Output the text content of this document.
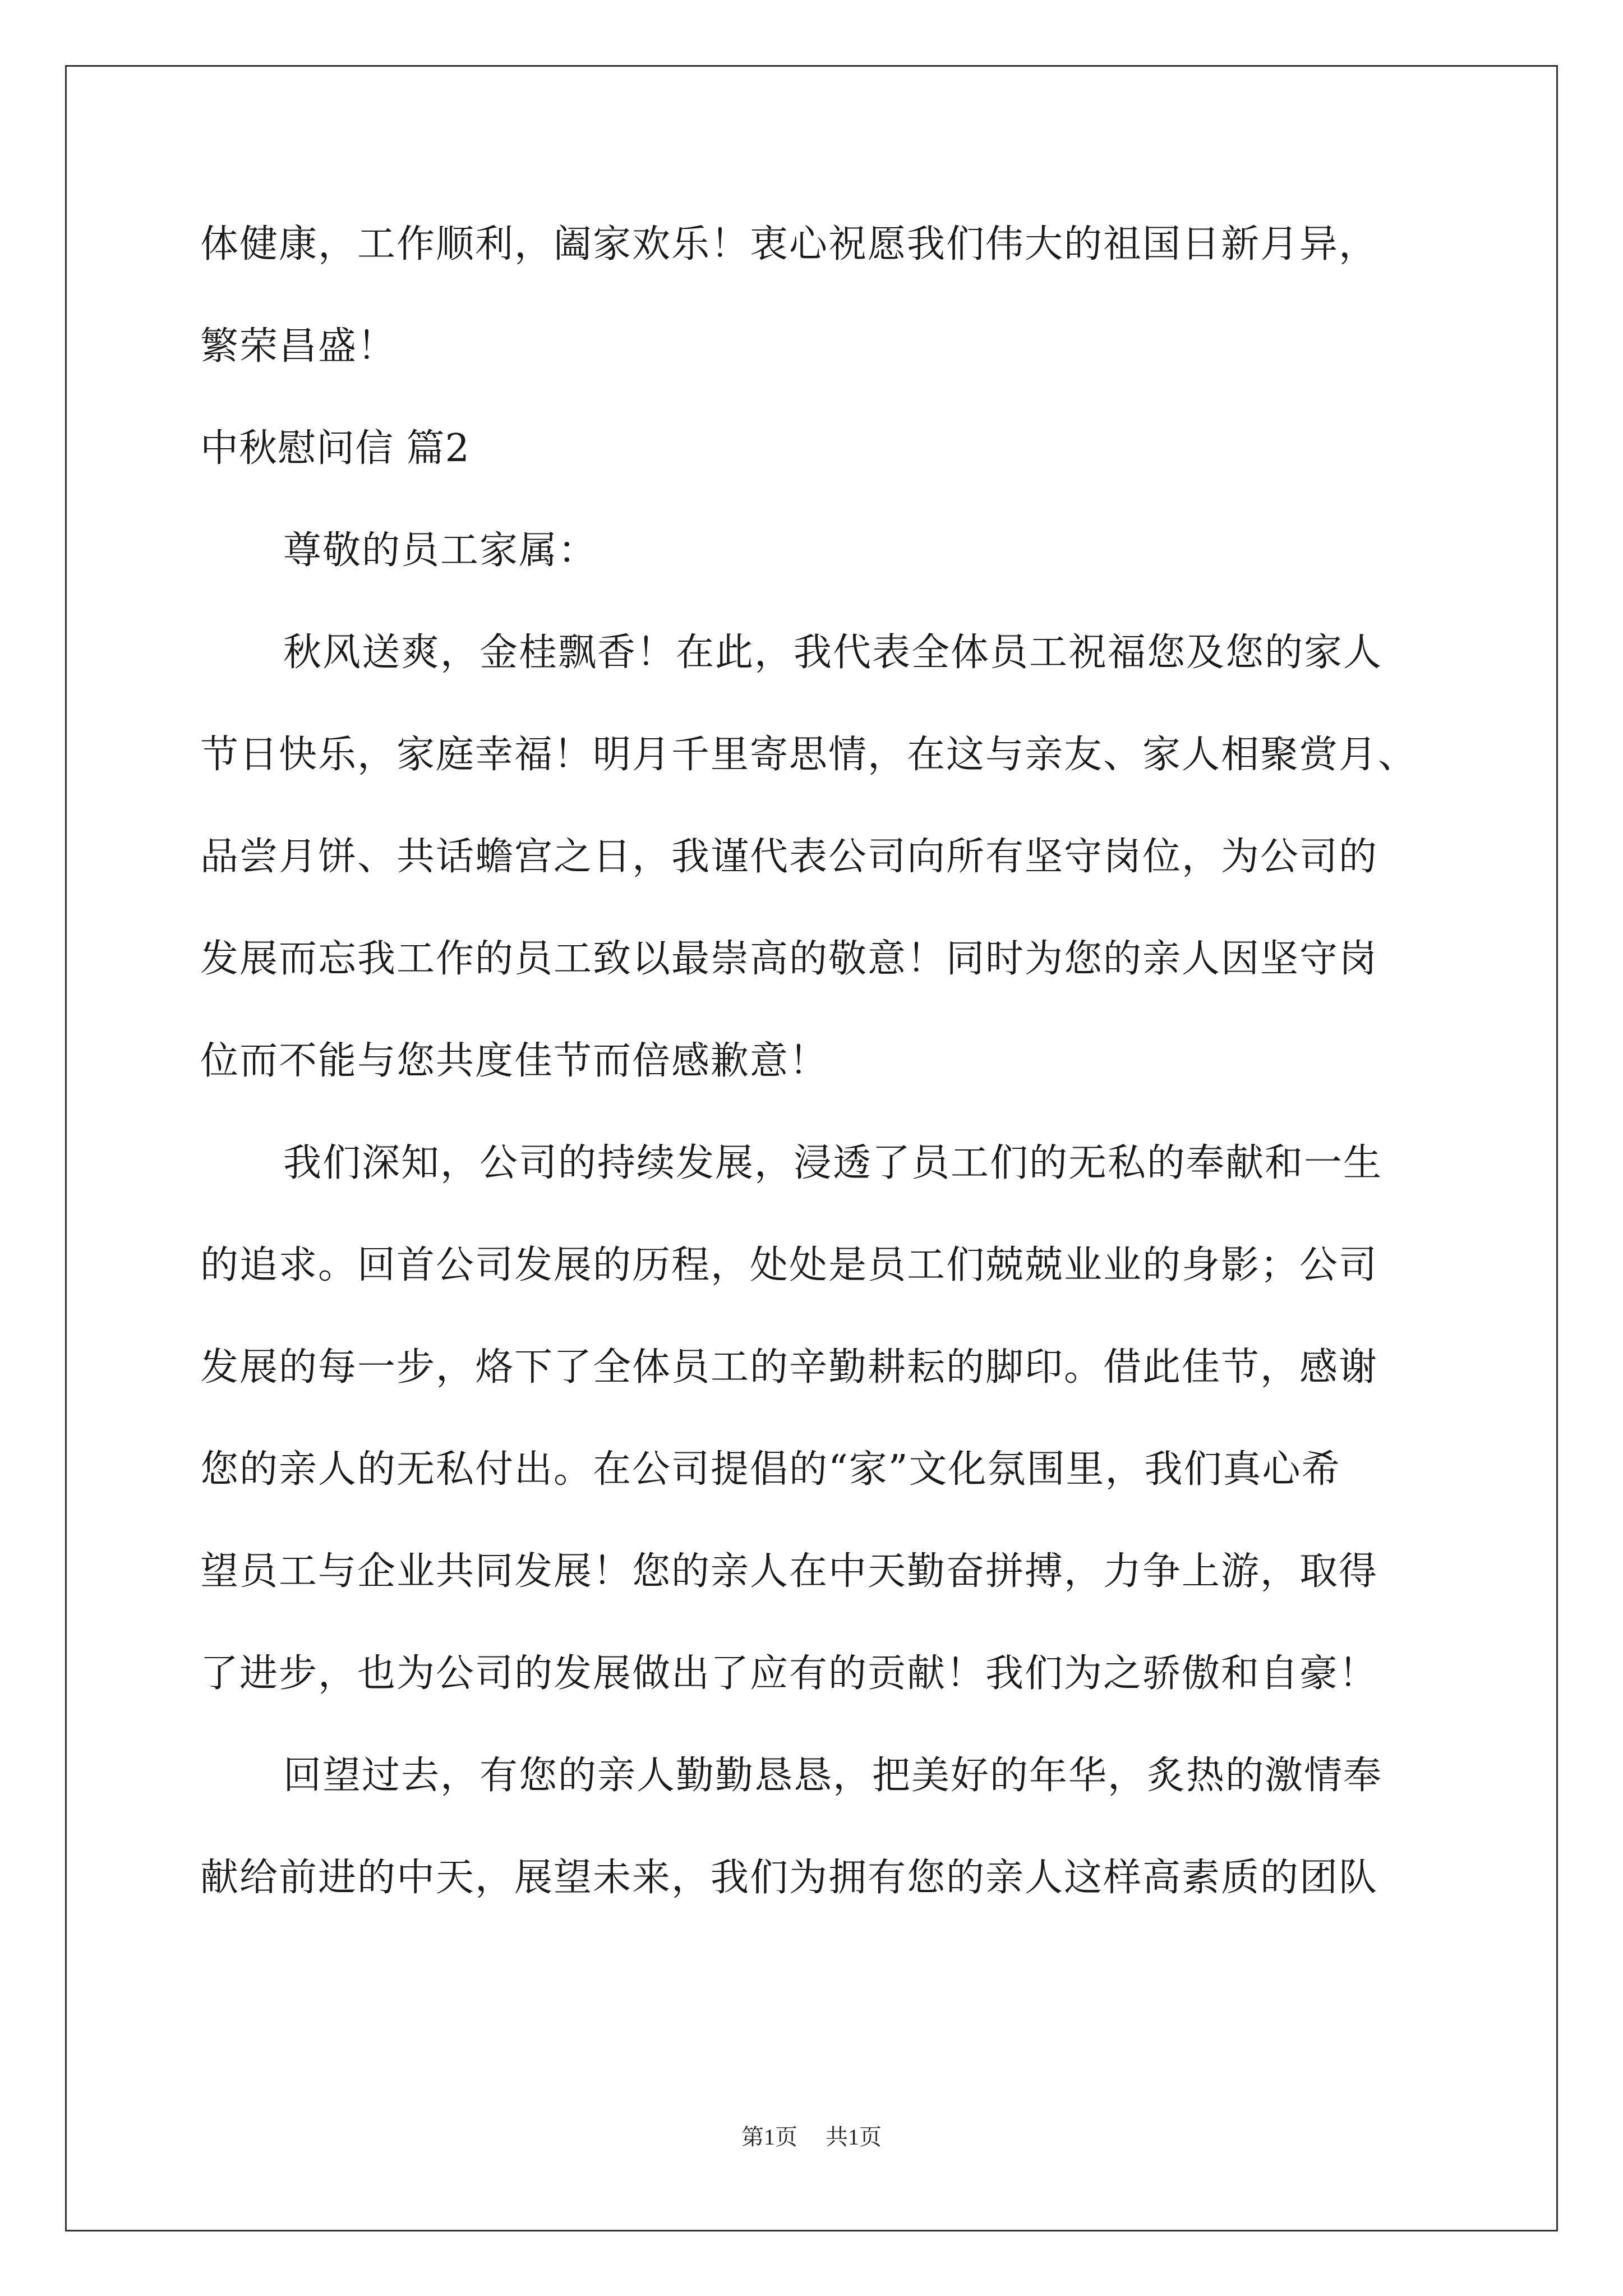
体健康，工作顺利，阖家欢乐！衷心祝愿我们伟大的祖国日新月异，
繁荣昌盛！
中秋慰问信 篇2
尊敬的员工家属：
秋风送爽，金桂飘香！在此，我代表全体员工祝福您及您的家人
节日快乐，家庭幸福！明月千里寄思情，在这与亲友、家人相聚赏月、
品尝月饼、共话蟾宫之日，我谨代表公司向所有坚守岗位，为公司的
发展而忘我工作的员工致以最崇高的敬意！同时为您的亲人因坚守岗
位而不能与您共度佳节而倍感歉意！
我们深知，公司的持续发展，浸透了员工们的无私的奉献和一生
的追求。回首公司发展的历程，处处是员工们兢兢业业的身影；公司
发展的每一步，烙下了全体员工的辛勤耕耘的脚印。借此佳节，感谢
您的亲人的无私付出。在公司提倡的“家”文化氛围里，我们真心希
望员工与企业共同发展！您的亲人在中天勤奋拼搏，力争上游，取得
了进步，也为公司的发展做出了应有的贡献！我们为之骄傲和自豪！
回望过去，有您的亲人勤勤恳恳，把美好的年华，炙热的激情奉
献给前进的中天，展望未来，我们为拥有您的亲人这样高素质的团队
第1页 共1页
